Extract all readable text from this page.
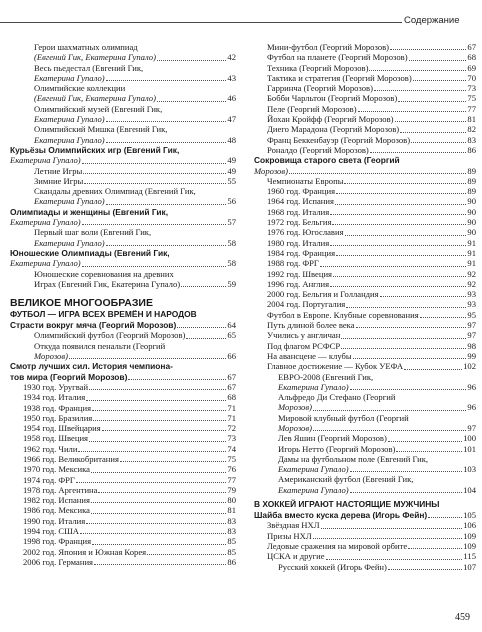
Содержание
Герои шахматных олимпиад
(Евгений Гик, Екатерина Гупало)	42
Весь пьедестал (Евгений Гик,
Екатерина Гупало)	43
Олимпийские коллекции
(Евгений Гик, Екатерина Гупало)	46
Олимпийский музей (Евгений Гик,
Екатерина Гупало)	47
Олимпийский Мишка (Евгений Гик,
Екатерина Гупало)	48
Курьёзы Олимпийских игр (Евгений Гик,
Екатерина Гупало)	49
Летние Игры	49
Зимние Игры	55
Скандалы древних Олимпиад (Евгений Гик,
Екатерина Гупало)	56
Олимпиады и женщины (Евгений Гик,
Екатерина Гупало)	57
Первый шаг воли (Евгений Гик,
Екатерина Гупало)	58
Юношеские Олимпиады (Евгений Гик,
Екатерина Гупало)	58
Юношеские соревнования на древних
Играх (Евгений Гик, Екатерина Гупало)	59
ВЕЛИКОЕ МНОГООБРАЗИЕ
ФУТБОЛ — ИГРА ВСЕХ ВРЕМЁН И НАРОДОВ
Страсти вокруг мяча (Георгий Морозов)	64
Олимпийский футбол (Георгий Морозов)	65
Откуда появился пенальти (Георгий
Морозов)	66
Смотр лучших сил. История чемпиона-
тов мира (Георгий Морозов)	67
1930 год. Уругвай	67
1934 год. Италия	68
1938 год. Франция	71
1950 год. Бразилия	71
1954 год. Швейцария	72
1958 год. Швеция	73
1962 год. Чили	74
1966 год. Великобритания	75
1970 год. Мексика	76
1974 год. ФРГ	77
1978 год. Аргентина	79
1982 год. Испания	80
1986 год. Мексика	81
1990 год. Италия	83
1994 год. США	83
1998 год. Франция	85
2002 год. Япония и Южная Корея	85
2006 год. Германия	86
Мини-футбол (Георгий Морозов)	67
Футбол на планете (Георгий Морозов)	68
Техника (Георгий Морозов)	69
Тактика и стратегия (Георгий Морозов)	70
Гарринча (Георгий Морозов)	73
Бобби Чарльтон (Георгий Морозов)	75
Пеле (Георгий Морозов)	77
Йохан Кройфф (Георгий Морозов)	81
Диего Марадона (Георгий Морозов)	82
Франц Беккенбауэр (Георгий Морозов)	83
Роналдо (Георгий Морозов)	86
Сокровища старого света (Георгий
Морозов)	89
Чемпионаты Европы	89
1960 год. Франция	89
1964 год. Испания	90
1968 год. Италия	90
1972 год. Бельгия	90
1976 год. Югославия	90
1980 год. Италия	91
1984 год. Франция	91
1988 год. ФРГ	91
1992 год. Швеция	92
1996 год. Англия	92
2000 год. Бельгия и Голландия	93
2004 год. Португалия	93
Футбол в Европе. Клубные соревнования	95
Путь длиной более века	97
Учились у англичан	97
Под флагом РСФСР	98
На авансцене — клубы	99
Главное достижение — Кубок УЕФА	102
ЕВРО-2008 (Евгений Гик,
Екатерина Гупало)	96
Альфредо Ди Стефано (Георгий
Морозов)	96
Мировой клубный футбол (Георгий
Морозов)	97
Лев Яшин (Георгий Морозов)	100
Игорь Нетто (Георгий Морозов)	101
Дамы на футбольном поле (Евгений Гик,
Екатерина Гупало)	103
Американский футбол (Евгений Гик,
Екатерина Гупало)	104
В ХОККЕЙ ИГРАЮТ НАСТОЯЩИЕ МУЖЧИНЫ
Шайба вместо куска дерева (Игорь Фейн)	105
Звёздная НХЛ	106
Призы НХЛ	109
Ледовые сражения на мировой орбите	109
ЦСКА и другие	115
Русский хоккей (Игорь Фейн)	107
459
